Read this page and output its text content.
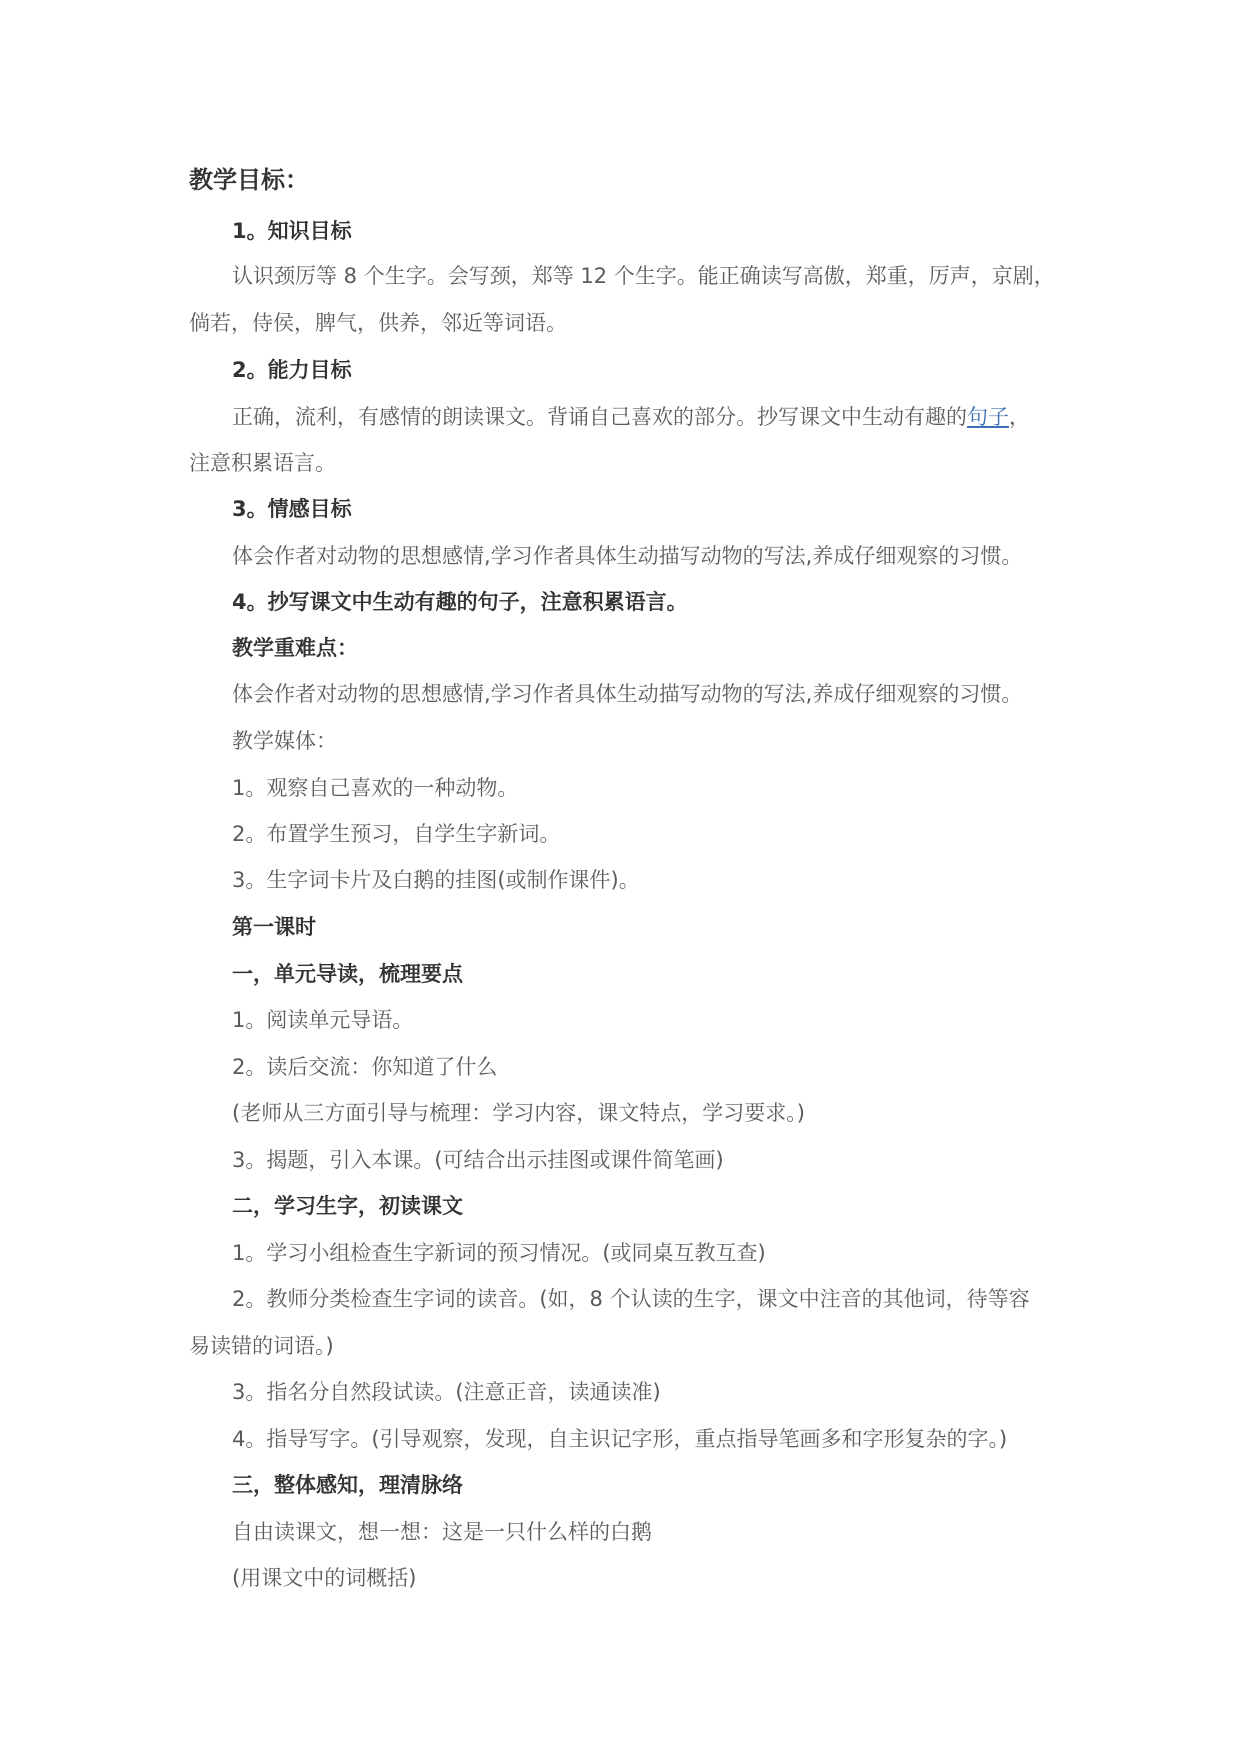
教学目标：
1。知识目标
认识颈厉等 8 个生字。会写颈，郑等 12 个生字。能正确读写高傲，郑重，厉声，京剧，
倘若，侍侯，脾气，供养，邻近等词语。
2。能力目标
正确，流利，有感情的朗读课文。背诵自己喜欢的部分。抄写课文中生动有趣的句子，
注意积累语言。
3。情感目标
体会作者对动物的思想感情,学习作者具体生动描写动物的写法,养成仔细观察的习惯。
4。抄写课文中生动有趣的句子，注意积累语言。
教学重难点：
体会作者对动物的思想感情,学习作者具体生动描写动物的写法,养成仔细观察的习惯。
教学媒体：
1。观察自己喜欢的一种动物。
2。布置学生预习，自学生字新词。
3。生字词卡片及白鹅的挂图(或制作课件)。
第一课时
一，单元导读，梳理要点
1。阅读单元导语。
2。读后交流：你知道了什么
(老师从三方面引导与梳理：学习内容，课文特点，学习要求。)
3。揭题，引入本课。(可结合出示挂图或课件简笔画)
二，学习生字，初读课文
1。学习小组检查生字新词的预习情况。(或同桌互教互查)
2。教师分类检查生字词的读音。(如，8 个认读的生字，课文中注音的其他词，待等容
易读错的词语。)
3。指名分自然段试读。(注意正音，读通读准)
4。指导写字。(引导观察，发现，自主识记字形，重点指导笔画多和字形复杂的字。)
三，整体感知，理清脉络
自由读课文，想一想：这是一只什么样的白鹅
(用课文中的词概括)
